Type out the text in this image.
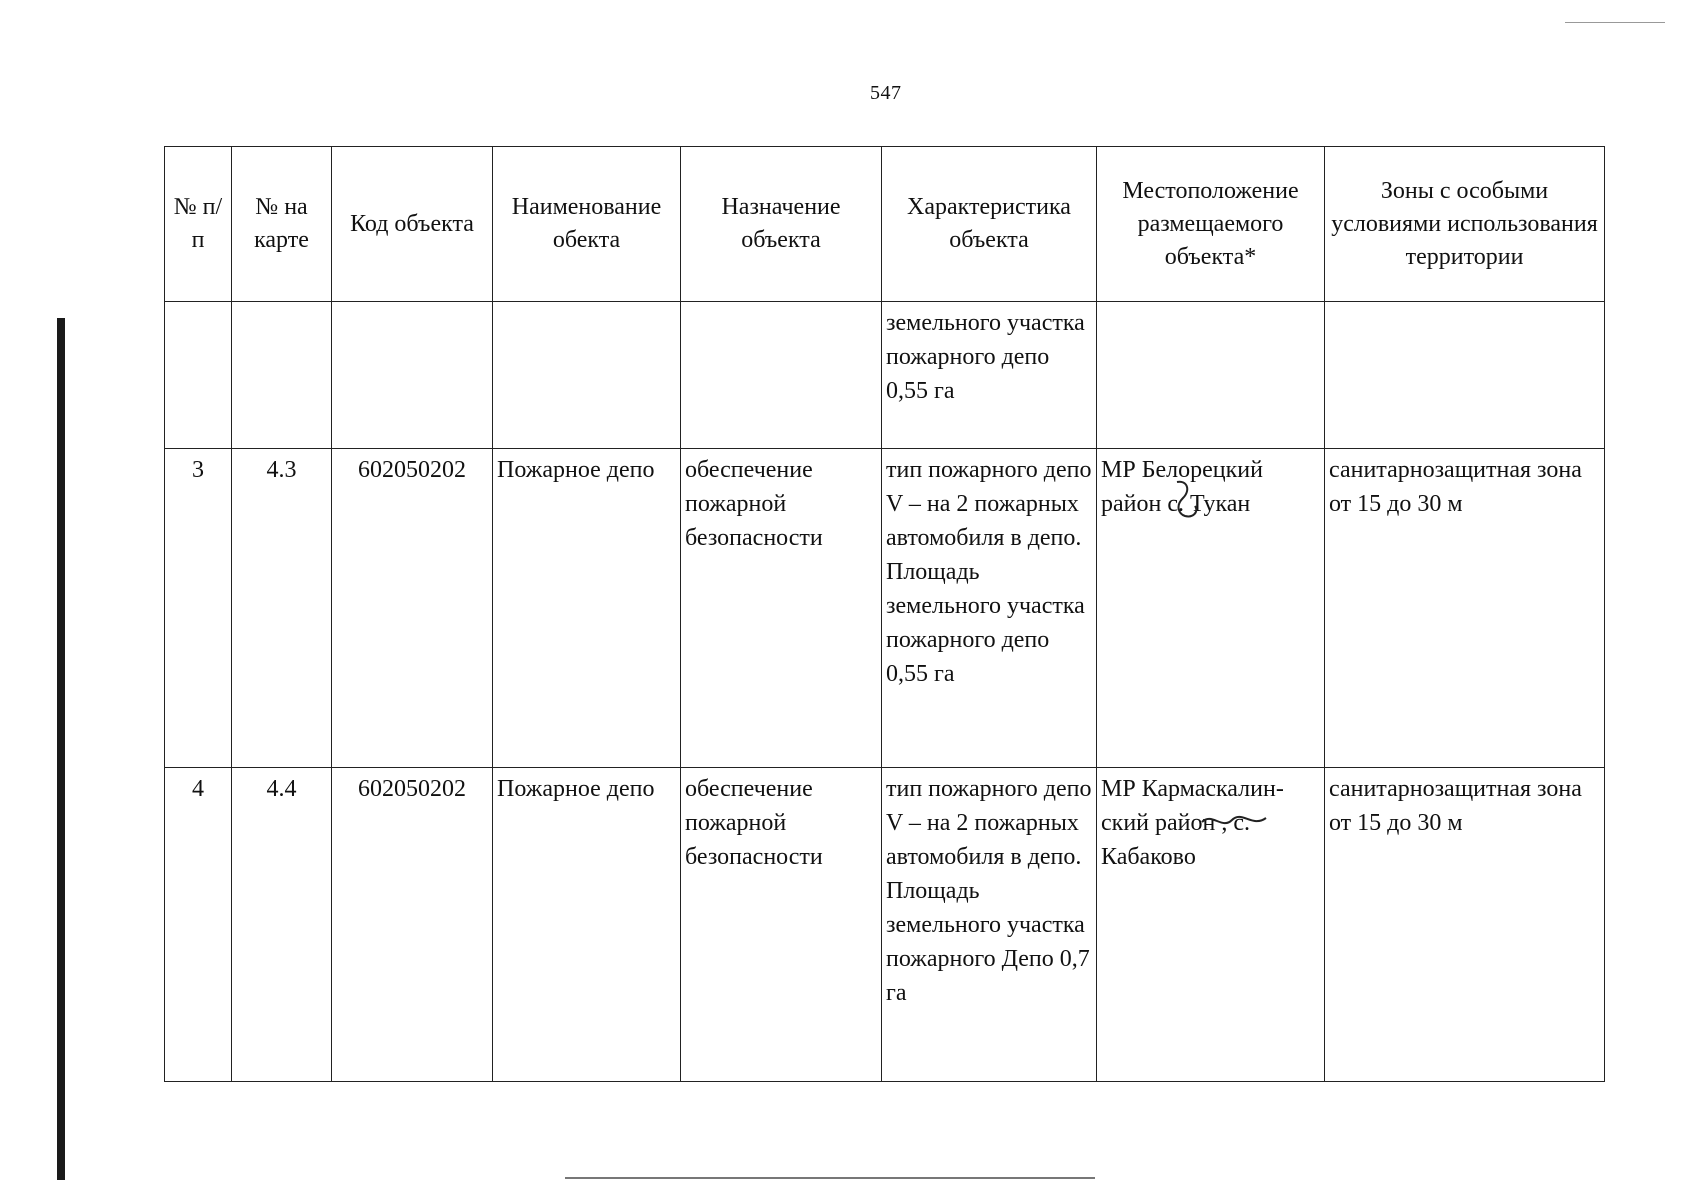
547
№ п/п	№ на карте	Код объекта	Наименование обекта	Назначение объекта	Характеристика объекта	Местоположение размещаемого объекта*	Зоны с особыми условиями использования территории
					земельного участка пожарного депо 0,55 га		
3	4.3	602050202	Пожарное депо	обеспечение пожарной безопасности	тип пожарного депо V – на 2 пожарных автомобиля в депо. Площадь земельного участка пожарного депо 0,55 га	МР Белорецкий район с. Тукан	санитарнозащитная зона от 15 до 30 м
4	4.4	602050202	Пожарное депо	обеспечение пожарной безопасности	тип пожарного депо V – на 2 пожарных автомобиля в депо. Площадь земельного участка пожарного Депо 0,7 га	МР Кармаскалин-ский район , с. Кабаково	санитарнозащитная зона от 15 до 30 м
